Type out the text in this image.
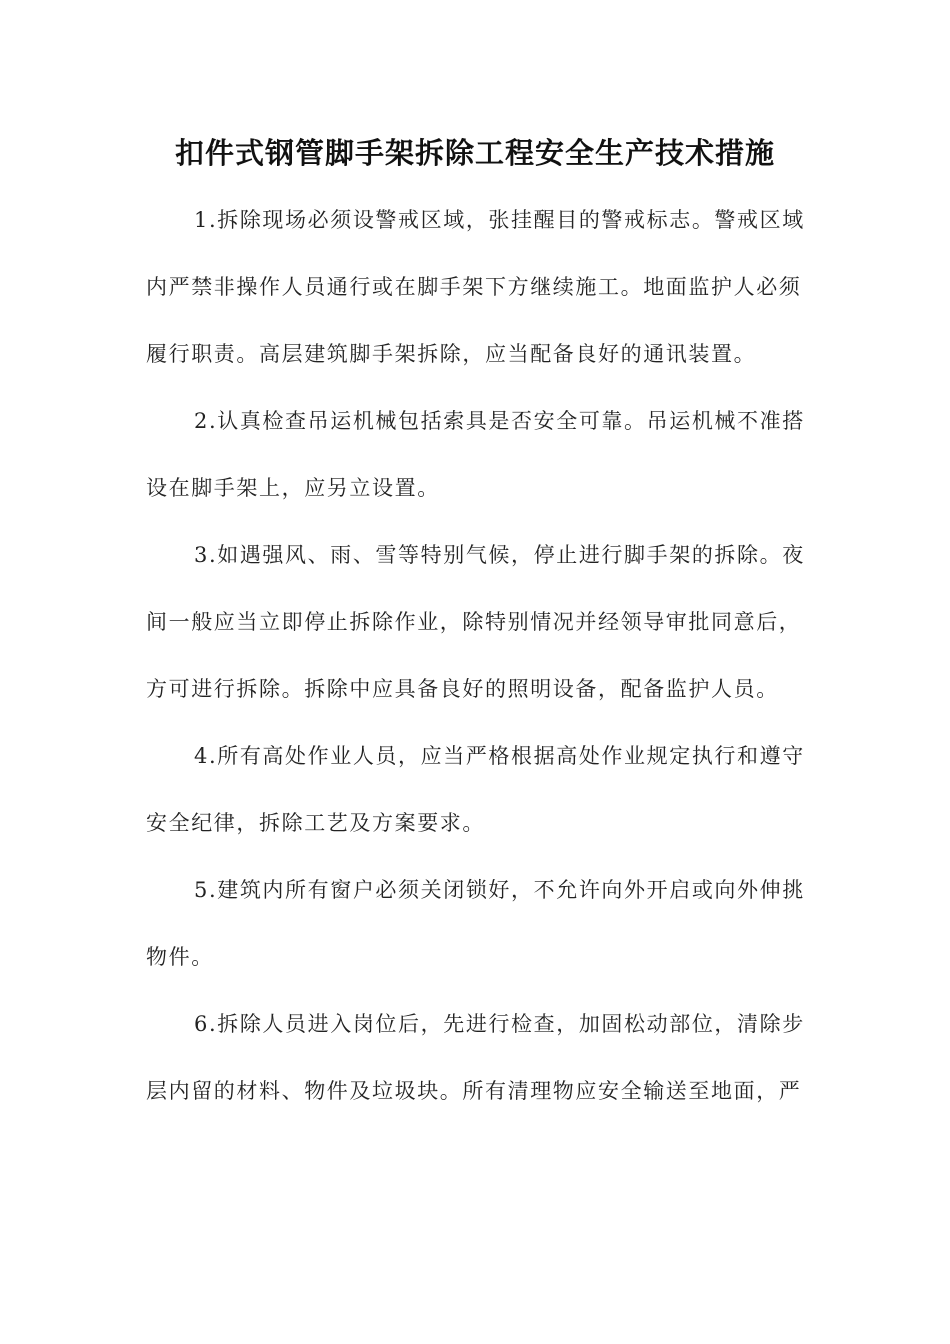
扣件式钢管脚手架拆除工程安全生产技术措施
1.拆除现场必须设警戒区域，张挂醒目的警戒标志。警戒区域
内严禁非操作人员通行或在脚手架下方继续施工。地面监护人必须
履行职责。高层建筑脚手架拆除，应当配备良好的通讯装置。
2.认真检查吊运机械包括索具是否安全可靠。吊运机械不准搭
设在脚手架上，应另立设置。
3.如遇强风、雨、雪等特别气候，停止进行脚手架的拆除。夜
间一般应当立即停止拆除作业，除特别情况并经领导审批同意后，
方可进行拆除。拆除中应具备良好的照明设备，配备监护人员。
4.所有高处作业人员，应当严格根据高处作业规定执行和遵守
安全纪律，拆除工艺及方案要求。
5.建筑内所有窗户必须关闭锁好，不允许向外开启或向外伸挑
物件。
6.拆除人员进入岗位后，先进行检查，加固松动部位，清除步
层内留的材料、物件及垃圾块。所有清理物应安全输送至地面，严
